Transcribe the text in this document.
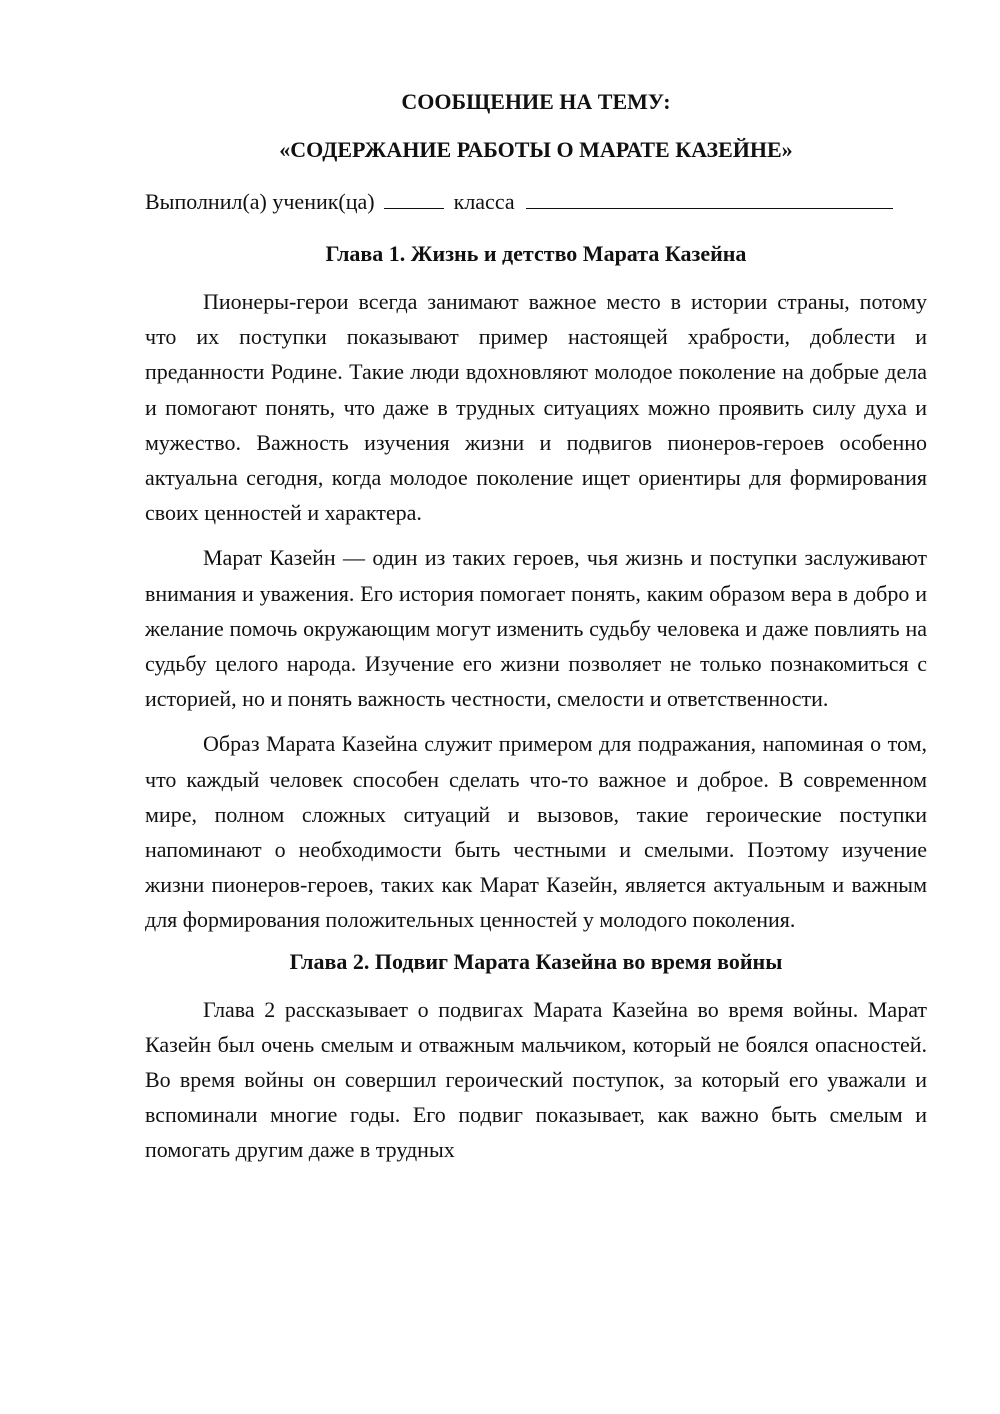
СООБЩЕНИЕ НА ТЕМУ:
«СОДЕРЖАНИЕ РАБОТЫ О МАРАТЕ КАЗЕЙНЕ»
Выполнил(а) ученик(ца)	класса
Глава 1. Жизнь и детство Марата Казейна

Пионеры-герои всегда занимают важное место в истории страны, потому что их поступки показывают пример настоящей храбрости, доблести и преданности Родине. Такие люди вдохновляют молодое поколение на добрые дела и помогают понять, что даже в трудных ситуациях можно проявить силу духа и мужество. Важность изучения жизни и подвигов пионеров-героев особенно актуальна сегодня, когда молодое поколение ищет ориентиры для формирования своих ценностей и характера.

Марат Казейн — один из таких героев, чья жизнь и поступки заслуживают внимания и уважения. Его история помогает понять, каким образом вера в добро и желание помочь окружающим могут изменить судьбу человека и даже повлиять на судьбу целого народа. Изучение его жизни позволяет не только познакомиться с историей, но и понять важность честности, смелости и ответственности.

Образ Марата Казейна служит примером для подражания, напоминая о том, что каждый человек способен сделать что-то важное и доброе. В современном мире, полном сложных ситуаций и вызовов, такие героические поступки напоминают о необходимости быть честными и смелыми. Поэтому изучение жизни пионеров-героев, таких как Марат Казейн, является актуальным и важным для формирования положительных ценностей у молодого поколения.

Глава 2. Подвиг Марата Казейна во время войны

Глава 2 рассказывает о подвигах Марата Казейна во время войны. Марат Казейн был очень смелым и отважным мальчиком, который не боялся опасностей. Во время войны он совершил героический поступок, за который его уважали и вспоминали многие годы. Его подвиг показывает, как важно быть смелым и помогать другим даже в трудных
